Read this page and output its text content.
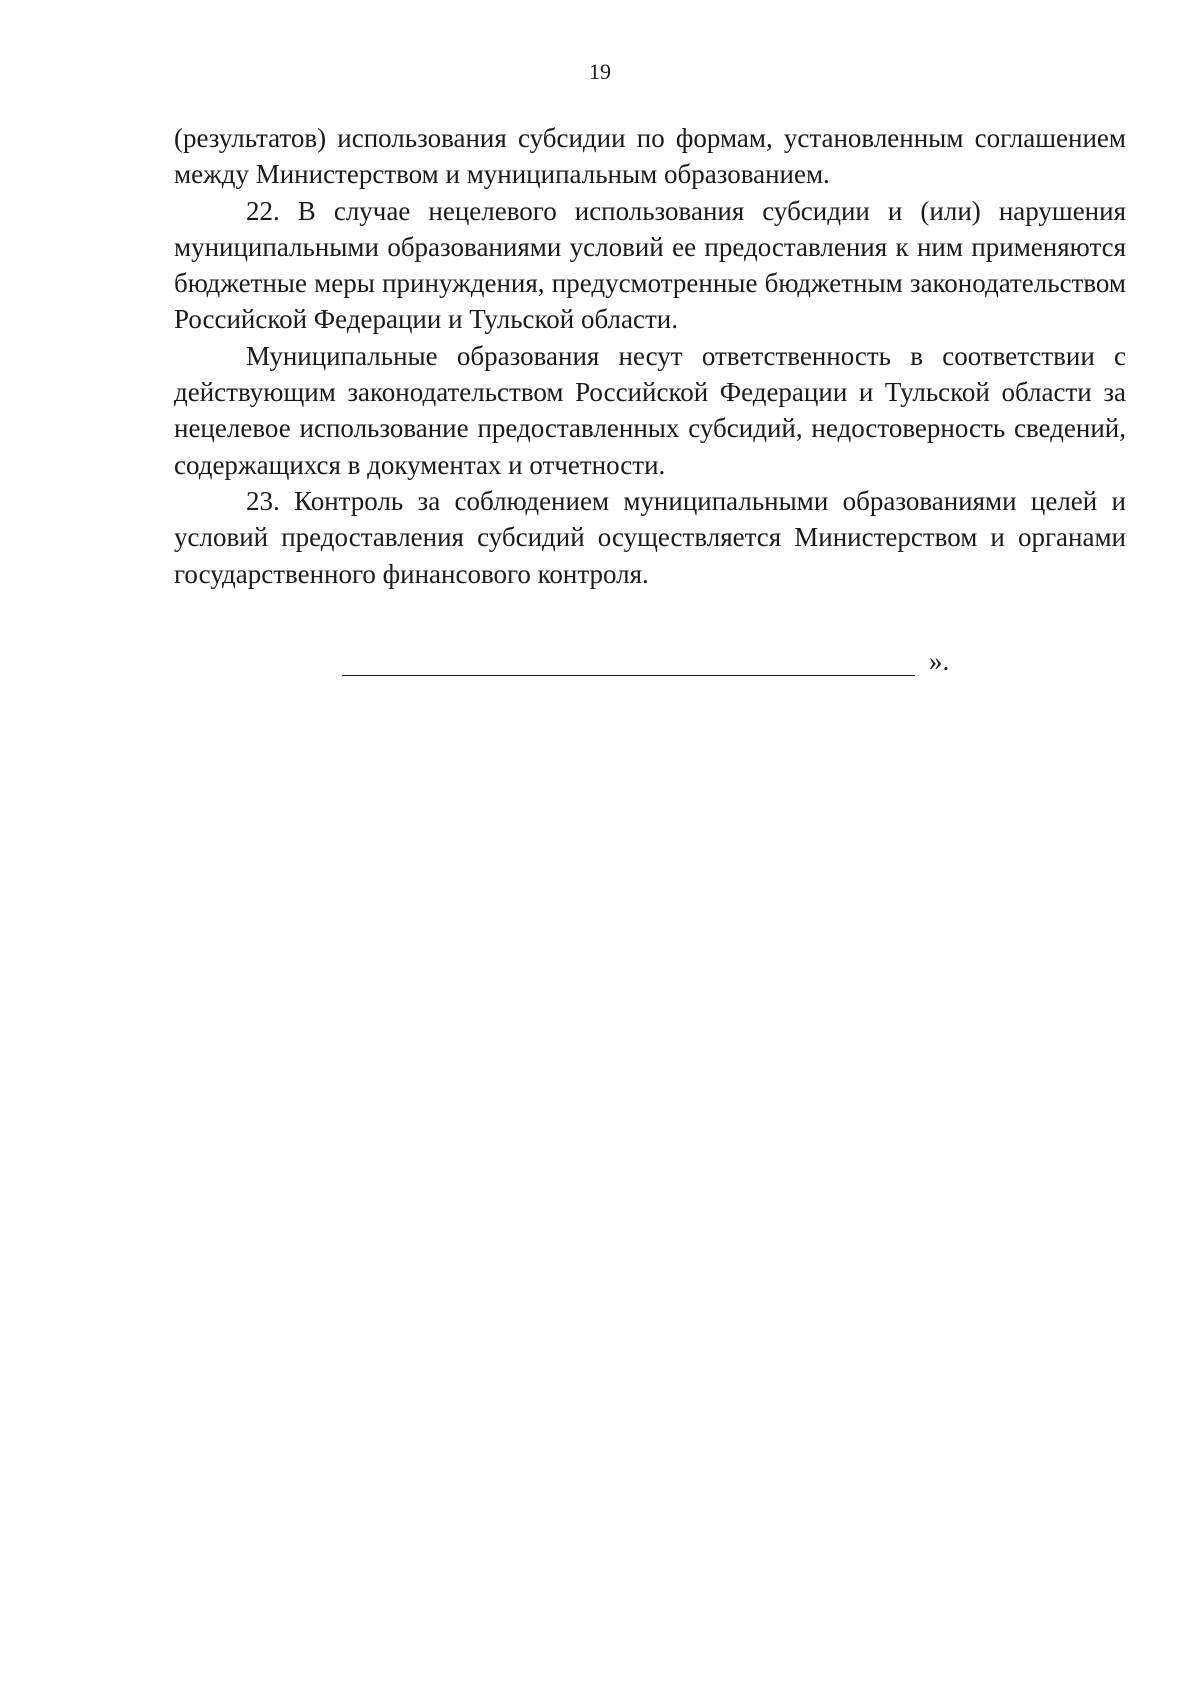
19

(результатов) использования субсидии по формам, установленным соглашением между Министерством и муниципальным образованием.

22. В случае нецелевого использования субсидии и (или) нарушения муниципальными образованиями условий ее предоставления к ним применяются бюджетные меры принуждения, предусмотренные бюджетным законодательством Российской Федерации и Тульской области.

Муниципальные образования несут ответственность в соответствии с действующим законодательством Российской Федерации и Тульской области за нецелевое использование предоставленных субсидий, недостоверность сведений, содержащихся в документах и отчетности.

23. Контроль за соблюдением муниципальными образованиями целей и условий предоставления субсидий осуществляется Министерством и органами государственного финансового контроля.

».
